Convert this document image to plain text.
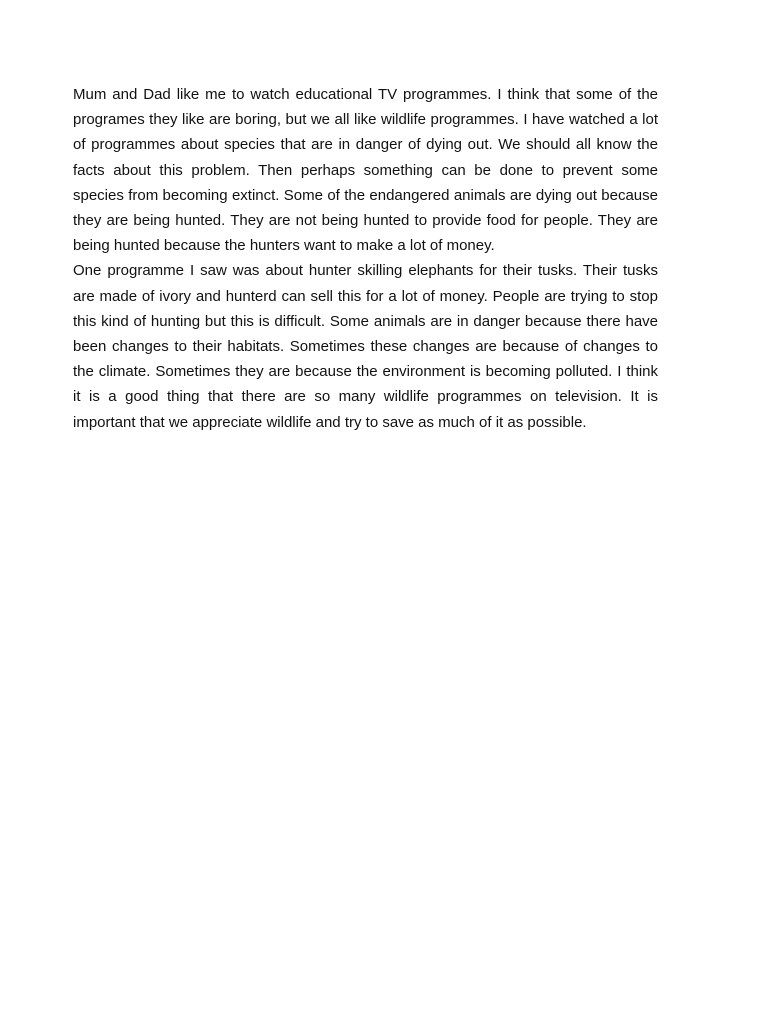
Mum and Dad like me to watch educational TV programmes. I think that some of the programes they like are boring, but we all like wildlife programmes. I have watched a lot of programmes about species that are in danger of dying out. We should all know the facts about this problem. Then perhaps something can be done to prevent some species from becoming extinct. Some of the endangered animals are dying out because they are being hunted. They are not being hunted to provide food for people. They are being hunted because the hunters want to make a lot of money.

One programme I saw was about hunter skilling elephants for their tusks. Their tusks are made of ivory and hunterd can sell this for a lot of money. People are trying to stop this kind of hunting but this is difficult. Some animals are in danger because there have been changes to their habitats. Sometimes these changes are because of changes to the climate. Sometimes they are because the environment is becoming polluted. I think it is a good thing that there are so many wildlife programmes on television. It is important that we appreciate wildlife and try to save as much of it as possible.
